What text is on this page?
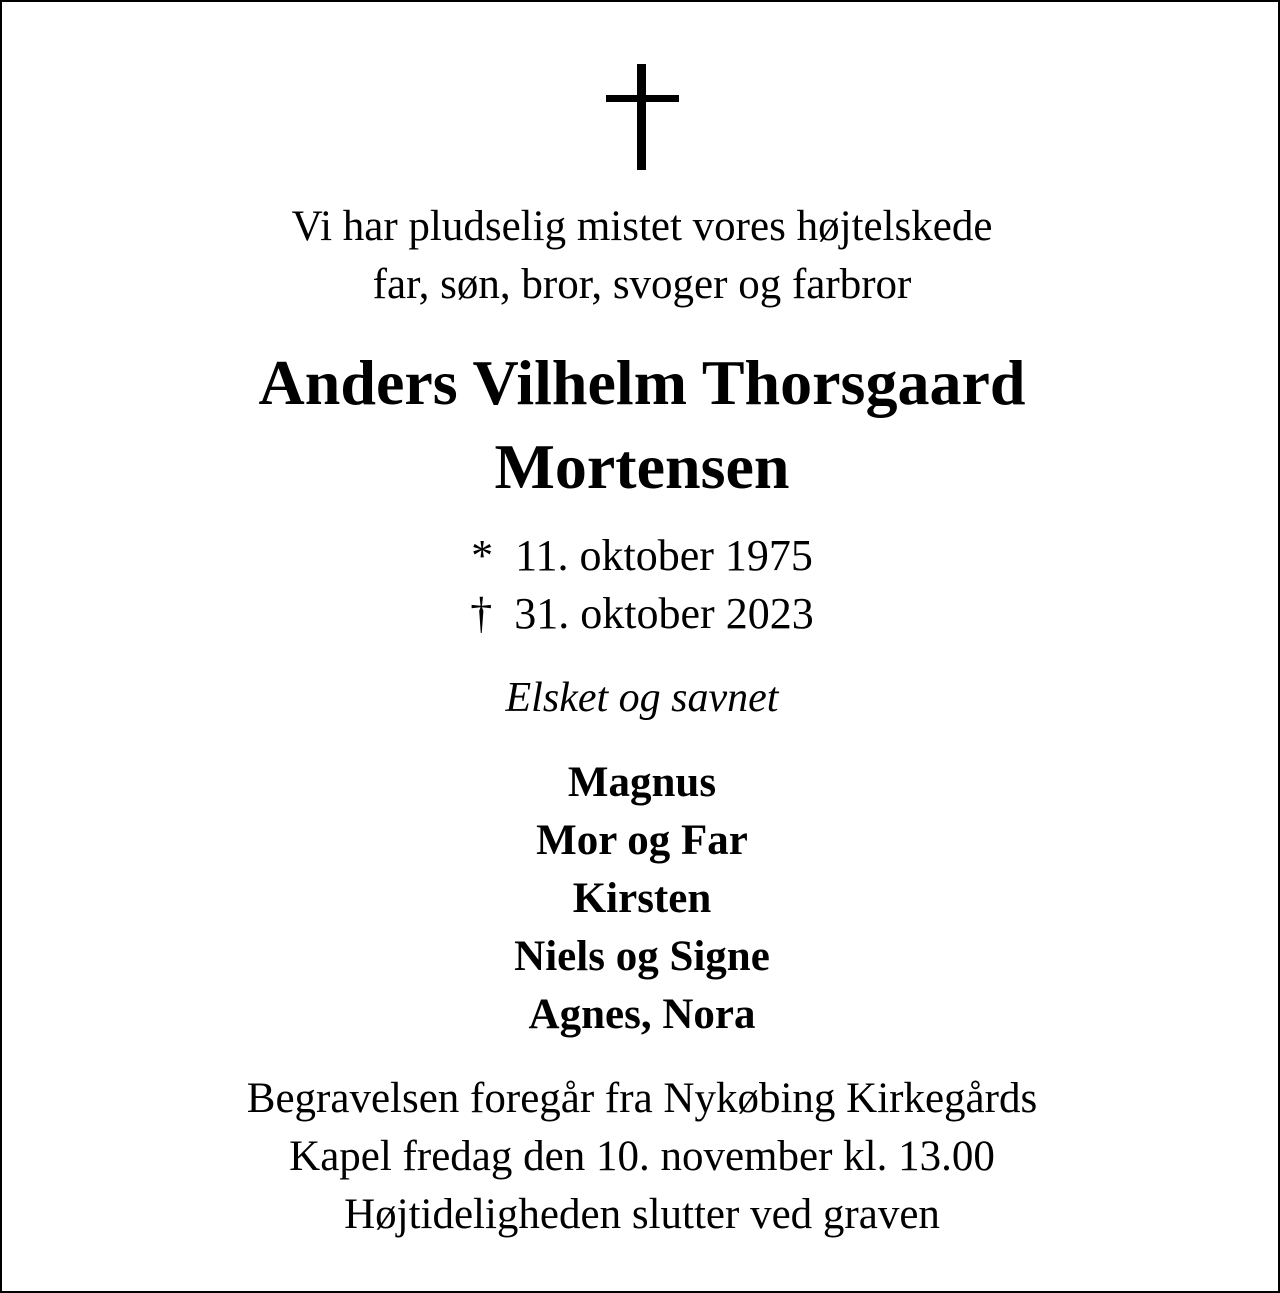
Vi har pludselig mistet vores højtelskede
far, søn, bror, svoger og farbror
Anders Vilhelm Thorsgaard
Mortensen
* 11. oktober 1975
† 31. oktober 2023
Elsket og savnet
Magnus
Mor og Far
Kirsten
Niels og Signe
Agnes, Nora
Begravelsen foregår fra Nykøbing Kirkegårds
Kapel fredag den 10. november kl. 13.00
Højtideligheden slutter ved graven
